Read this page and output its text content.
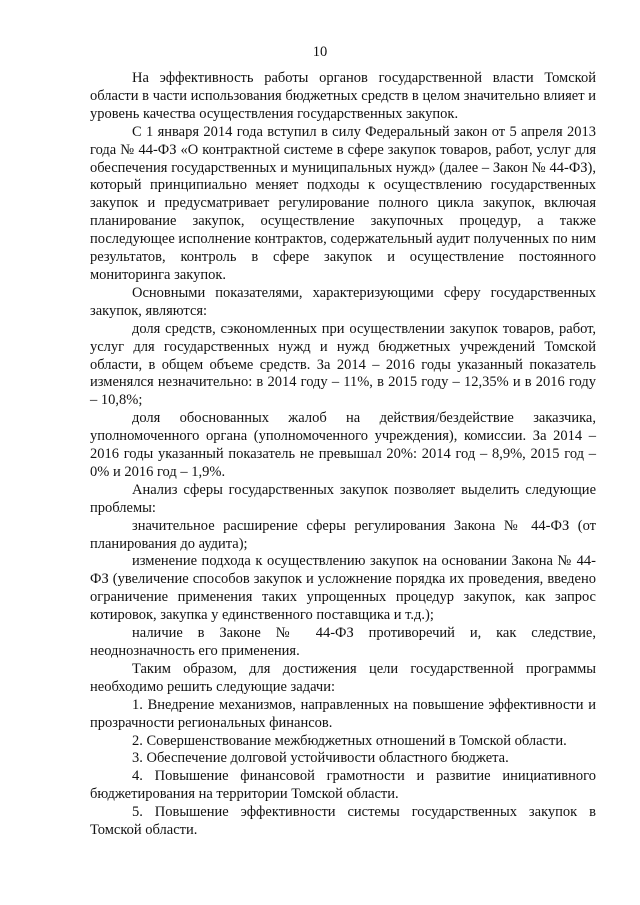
10

На эффективность работы органов государственной власти Томской области в части использования бюджетных средств в целом значительно влияет и уровень качества осуществления государственных закупок.

С 1 января 2014 года вступил в силу Федеральный закон от 5 апреля 2013 года № 44-ФЗ «О контрактной системе в сфере закупок товаров, работ, услуг для обеспечения государственных и муниципальных нужд» (далее – Закон № 44-ФЗ), который принципиально меняет подходы к осуществлению государственных закупок и предусматривает регулирование полного цикла закупок, включая планирование закупок, осуществление закупочных процедур, а также последующее исполнение контрактов, содержательный аудит полученных по ним результатов, контроль в сфере закупок и осуществление постоянного мониторинга закупок.

Основными показателями, характеризующими сферу государственных закупок, являются:

доля средств, сэкономленных при осуществлении закупок товаров, работ, услуг для государственных нужд и нужд бюджетных учреждений Томской области, в общем объеме средств. За 2014 – 2016 годы указанный показатель изменялся незначительно: в 2014 году – 11%, в 2015 году – 12,35% и в 2016 году – 10,8%;

доля обоснованных жалоб на действия/бездействие заказчика, уполномоченного органа (уполномоченного учреждения), комиссии. За 2014 – 2016 годы указанный показатель не превышал 20%: 2014 год – 8,9%, 2015 год – 0% и 2016 год – 1,9%.

Анализ сферы государственных закупок позволяет выделить следующие проблемы:

значительное расширение сферы регулирования Закона № 44-ФЗ (от планирования до аудита);

изменение подхода к осуществлению закупок на основании Закона № 44-ФЗ (увеличение способов закупок и усложнение порядка их проведения, введено ограничение применения таких упрощенных процедур закупок, как запрос котировок, закупка у единственного поставщика и т.д.);

наличие в Законе № 44-ФЗ противоречий и, как следствие, неоднозначность его применения.

Таким образом, для достижения цели государственной программы необходимо решить следующие задачи:

1. Внедрение механизмов, направленных на повышение эффективности и прозрачности региональных финансов.

2. Совершенствование межбюджетных отношений в Томской области.

3. Обеспечение долговой устойчивости областного бюджета.

4. Повышение финансовой грамотности и развитие инициативного бюджетирования на территории Томской области.

5. Повышение эффективности системы государственных закупок в Томской области.
